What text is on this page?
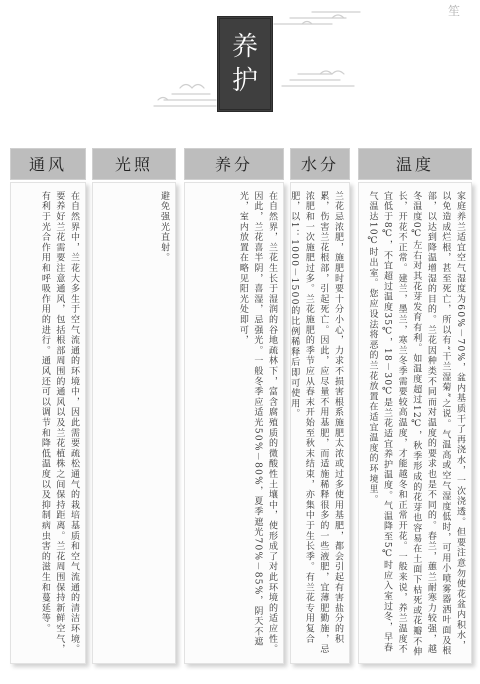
笙
养
护
通风
在自然界中，兰花大多生于空气流通的环境中，因此需要疏松通气的栽培基质和空气流通的清洁环境。要养好兰花需要注意通风，包括根部周围的通风以及兰花植株之间保持距离。兰花周围保持新鲜空气，有利于光合作用和呼吸作用的进行。通风还可以调节和降低温度以及抑制病虫害的滋生和蔓延等。
光照
避免强光直射。
养分
在自然界，兰花生长于湿润的谷地疏林下，富含腐殖质的微酸性土壤中，使形成了对此环境的适应性。因此，兰花喜半阴，喜湿，忌强光。一般冬季应适光50%－80%，夏季遮光70%－85%，阴天不遮光，室内放置在略见阳光处即可，
水分
兰花忌浓肥，施肥时要十分小心，力求不损害根系施肥太浓或过多使用基肥，都会引起有害盐分的积累，伤害兰花根部，引起死亡。因此，应尽量不用基肥，而适施稀释很多的一些液肥，宜薄肥勤施，忌浓肥和一次施肥过多。兰花施肥的季节应从春末开始至秋末结束，亦集中于生长季。有兰花专用复合肥，以1：1000－1500的比例稀释后即可使用。
温度
家庭养兰适宜空气湿度为60%－70%，盆内基质干了再浇水，一次浇透。但要注意勿使花盆内积水，以免造成烂根，甚至死亡，所以有“干兰湿菊”之说。气温高或空气湿度低时，可用小喷雾器洒叶面及根部，以达到降温增湿的目的。兰花因种类不同而对温度的要求也是不同的。春兰，蕙兰耐寒力较强，越冬温度0℃左右对其花芽发育有利。如温度超过12℃，秋季形成的花芽也容易在土面下枯死或花瓣不伸长，开花不正常。建兰，墨兰，寒兰冬季需要较高温度，才能越冬和正常开花。一般来说，养兰温度不宜低于8℃，不宜超过温度35℃，18－30℃是兰花适宜养护温度。气温降至5℃时应入室过冬，早春气温达10℃时出室。您应设法将恶的兰花放置在适宜温度的环境里。
